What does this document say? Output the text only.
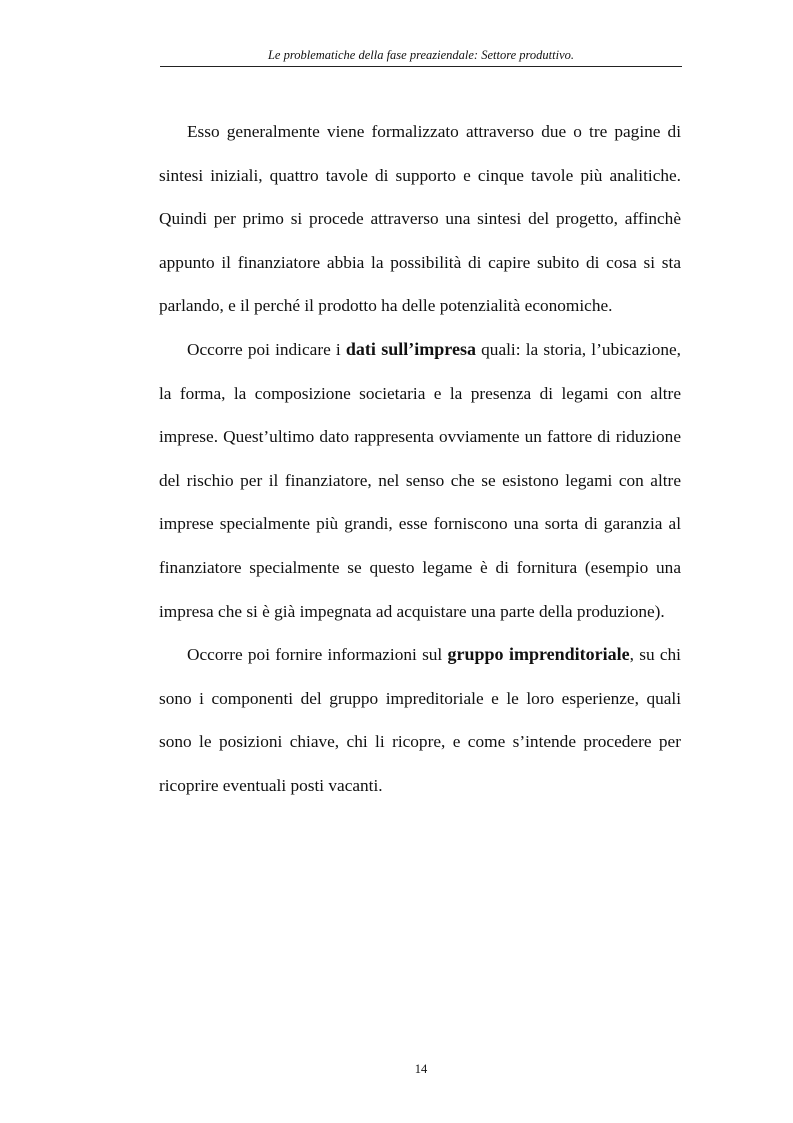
Le problematiche della fase preaziendale: Settore produttivo.

Esso generalmente viene formalizzato attraverso due o tre pagine di sintesi iniziali, quattro tavole di supporto e cinque tavole più analitiche. Quindi per primo si procede attraverso una sintesi del progetto, affinchè appunto il finanziatore abbia la possibilità di capire subito di cosa si sta parlando, e il perché il prodotto ha delle potenzialità economiche.

Occorre poi indicare i dati sull’impresa quali: la storia, l’ubicazione, la forma, la composizione societaria e la presenza di legami con altre imprese. Quest’ultimo dato rappresenta ovviamente un fattore di riduzione del rischio per il finanziatore, nel senso che se esistono legami con altre imprese specialmente più grandi, esse forniscono una sorta di garanzia al finanziatore specialmente se questo legame è di fornitura (esempio una impresa che si è già impegnata ad acquistare una parte della produzione).

Occorre poi fornire informazioni sul gruppo imprenditoriale, su chi sono i componenti del gruppo impreditoriale e le loro esperienze, quali sono le posizioni chiave, chi li ricopre, e come s’intende procedere per ricoprire eventuali posti vacanti.

14
